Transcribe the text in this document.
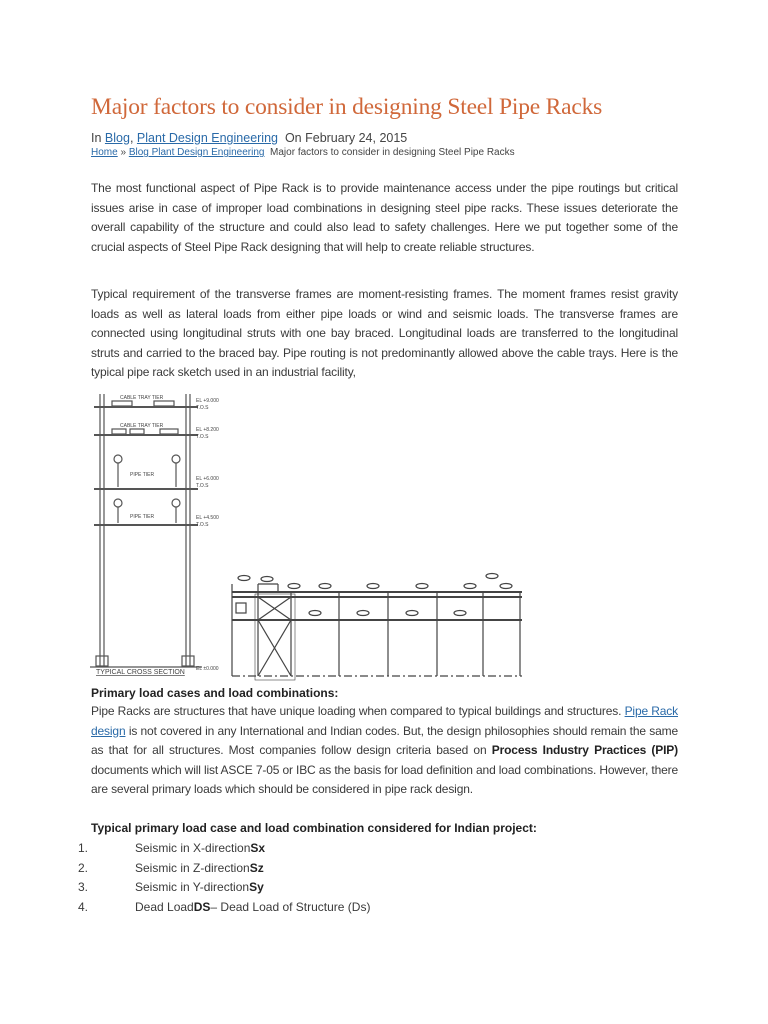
Major factors to consider in designing Steel Pipe Racks
In Blog, Plant Design Engineering On February 24, 2015
Home » Blog Plant Design Engineering Major factors to consider in designing Steel Pipe Racks
The most functional aspect of Pipe Rack is to provide maintenance access under the pipe routings but critical issues arise in case of improper load combinations in designing steel pipe racks. These issues deteriorate the overall capability of the structure and could also lead to safety challenges. Here we put together some of the crucial aspects of Steel Pipe Rack designing that will help to create reliable structures.
Typical requirement of the transverse frames are moment-resisting frames. The moment frames resist gravity loads as well as lateral loads from either pipe loads or wind and seismic loads. The transverse frames are connected using longitudinal struts with one bay braced. Longitudinal loads are transferred to the longitudinal struts and carried to the braced bay. Pipe routing is not predominantly allowed above the cable trays. Here is the typical pipe rack sketch used in an industrial facility,
CABLE TRAY TIER
CABLE TRAY TIER
PIPE TIER
PIPE TIER
EL +9.000
T.O.S
EL +8.200
T.O.S
EL +6.000
T.O.S
EL +4.500
T.O.S
EL ±0.000
TYPICAL CROSS SECTION
Primary load cases and load combinations:
Pipe Racks are structures that have unique loading when compared to typical buildings and structures. Pipe Rack design is not covered in any International and Indian codes. But, the design philosophies should remain the same as that for all structures. Most companies follow design criteria based on Process Industry Practices (PIP) documents which will list ASCE 7-05 or IBC as the basis for load definition and load combinations. However, there are several primary loads which should be considered in pipe rack design.
Typical primary load case and load combination considered for Indian project:
1.	Seismic in X-direction Sx
2.	Seismic in Z-direction Sz
3.	Seismic in Y-direction Sy
4.	Dead Load DS – Dead Load of Structure (Ds)
